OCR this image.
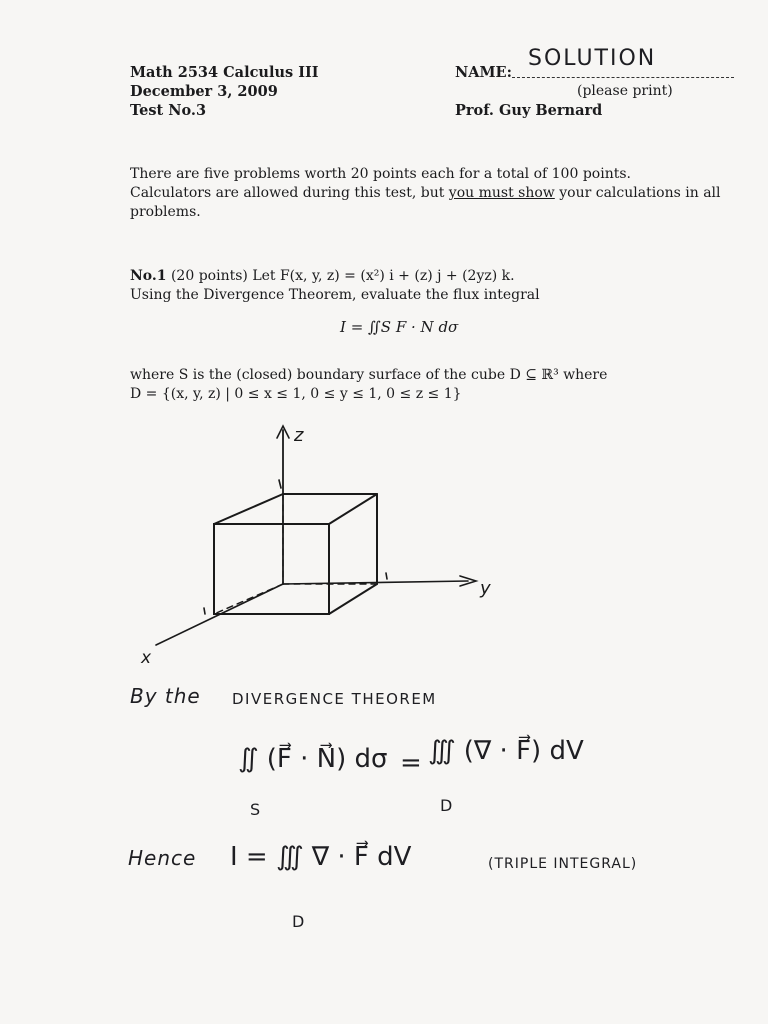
Math 2534 Calculus III
December 3, 2009
Test No.3
NAME:
SOLUTION
(please print)
Prof. Guy Bernard
There are five problems worth 20 points each for a total of 100 points.
Calculators are allowed during this test, but you must show your calculations in all
problems.
No.1 (20 points) Let F(x, y, z) = (x²) i + (z) j + (2yz) k.
Using the Divergence Theorem, evaluate the flux integral
I = ∬S F · N dσ
where S is the (closed) boundary surface of the cube D ⊆ ℝ³ where
D = {(x, y, z) | 0 ≤ x ≤ 1, 0 ≤ y ≤ 1, 0 ≤ z ≤ 1}
z
y
x
By the DIVERGENCE THEOREM
∬ (F⃗ · N⃗) dσ = ∭ (∇ · F⃗) dV
S	D
Hence I = ∭ ∇ · F⃗ dV
D
(TRIPLE INTEGRAL)
